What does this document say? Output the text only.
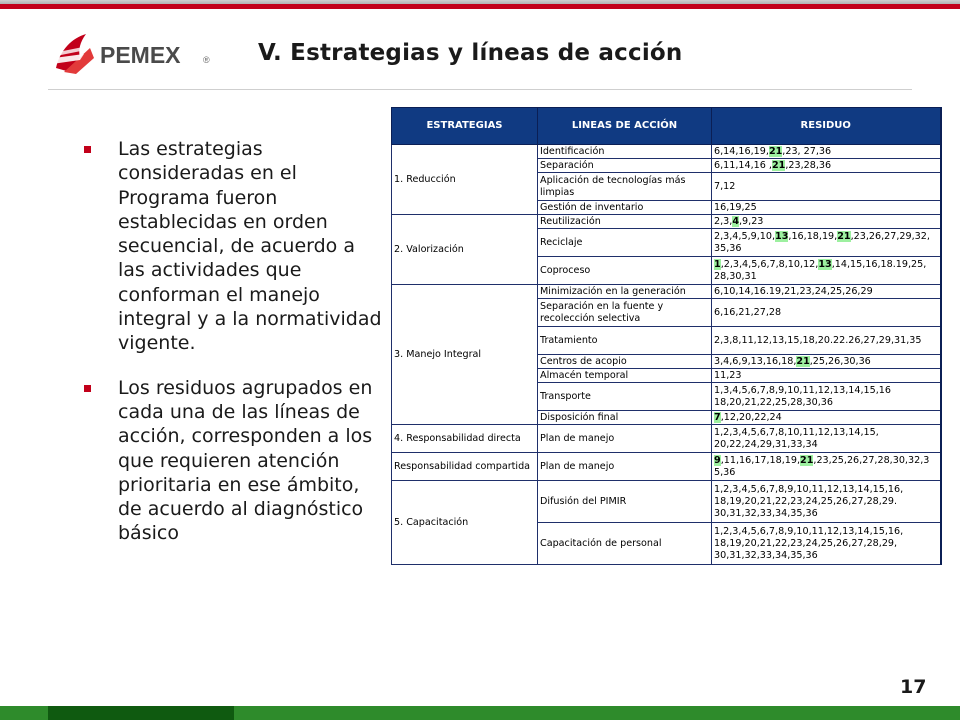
PEMEX ® V. Estrategias y líneas de acción
Las estrategias consideradas en el Programa fueron establecidas en orden secuencial, de acuerdo a las actividades que conforman el manejo integral y a la normatividad vigente.
Los residuos agrupados en cada una de las líneas de acción, corresponden a los que requieren atención prioritaria en ese ámbito, de acuerdo al diagnóstico básico
ESTRATEGIAS	LINEAS DE ACCIÓN	RESIDUO
1. Reducción	Identificación	6,14,16,19,21,23, 27,36
	Separación	6,11,14,16 ,21,23,28,36
	Aplicación de tecnologías más limpias	7,12
	Gestión de inventario	16,19,25
2. Valorización	Reutilización	2,3,4,9,23
	Reciclaje	2,3,4,5,9,10,13,16,18,19,21,23,26,27,29,32, 35,36
	Coproceso	1,2,3,4,5,6,7,8,10,12,13,14,15,16,18.19,25, 28,30,31
3. Manejo Integral	Minimización en la generación	6,10,14,16.19,21,23,24,25,26,29
	Separación en la fuente y recolección selectiva	6,16,21,27,28
	Tratamiento	2,3,8,11,12,13,15,18,20.22.26,27,29,31,35
	Centros de acopio	3,4,6,9,13,16,18,21,25,26,30,36
	Almacén temporal	11,23
	Transporte	1,3,4,5,6,7,8,9,10,11,12,13,14,15,16 18,20,21,22,25,28,30,36
	Disposición final	7,12,20,22,24
4. Responsabilidad directa	Plan de manejo	1,2,3,4,5,6,7,8,10,11,12,13,14,15, 20,22,24,29,31,33,34
Responsabilidad compartida	Plan de manejo	9,11,16,17,18,19,21,23,25,26,27,28,30,32,3 5,36
5. Capacitación	Difusión del PIMIR	1,2,3,4,5,6,7,8,9,10,11,12,13,14,15,16, 18,19,20,21,22,23,24,25,26,27,28,29. 30,31,32,33,34,35,36
	Capacitación de personal	1,2,3,4,5,6,7,8,9,10,11,12,13,14,15,16, 18,19,20,21,22,23,24,25,26,27,28,29, 30,31,32,33,34,35,36
17
